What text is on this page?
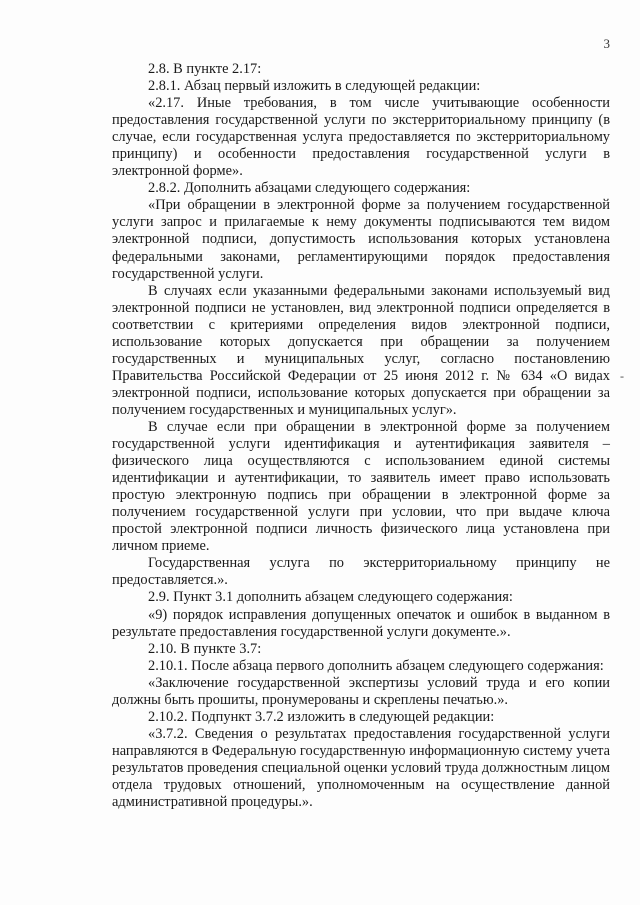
3
-

2.8. В пункте 2.17:

2.8.1. Абзац первый изложить в следующей редакции:

«2.17. Иные требования, в том числе учитывающие особенности предоставления государственной услуги по экстерриториальному принципу (в случае, если государственная услуга предоставляется по экстерриториальному принципу) и особенности предоставления государственной услуги в электронной форме».

2.8.2. Дополнить абзацами следующего содержания:

«При обращении в электронной форме за получением государственной услуги запрос и прилагаемые к нему документы подписываются тем видом электронной подписи, допустимость использования которых установлена федеральными законами, регламентирующими порядок предоставления государственной услуги.

В случаях если указанными федеральными законами используемый вид электронной подписи не установлен, вид электронной подписи определяется в соответствии с критериями определения видов электронной подписи, использование которых допускается при обращении за получением государственных и муниципальных услуг, согласно постановлению Правительства Российской Федерации от 25 июня 2012 г. № 634 «О видах электронной подписи, использование которых допускается при обращении за получением государственных и муниципальных услуг».

В случае если при обращении в электронной форме за получением государственной услуги идентификация и аутентификация заявителя – физического лица осуществляются с использованием единой системы идентификации и аутентификации, то заявитель имеет право использовать простую электронную подпись при обращении в электронной форме за получением государственной услуги при условии, что при выдаче ключа простой электронной подписи личность физического лица установлена при личном приеме.

Государственная услуга по экстерриториальному принципу не предоставляется.».

2.9. Пункт 3.1 дополнить абзацем следующего содержания:

«9) порядок исправления допущенных опечаток и ошибок в выданном в результате предоставления государственной услуги документе.».

2.10. В пункте 3.7:

2.10.1. После абзаца первого дополнить абзацем следующего содержания:

«Заключение государственной экспертизы условий труда и его копии должны быть прошиты, пронумерованы и скреплены печатью.».

2.10.2. Подпункт 3.7.2 изложить в следующей редакции:

«3.7.2. Сведения о результатах предоставления государственной услуги направляются в Федеральную государственную информационную систему учета результатов проведения специальной оценки условий труда должностным лицом отдела трудовых отношений, уполномоченным на осуществление данной административной процедуры.».
